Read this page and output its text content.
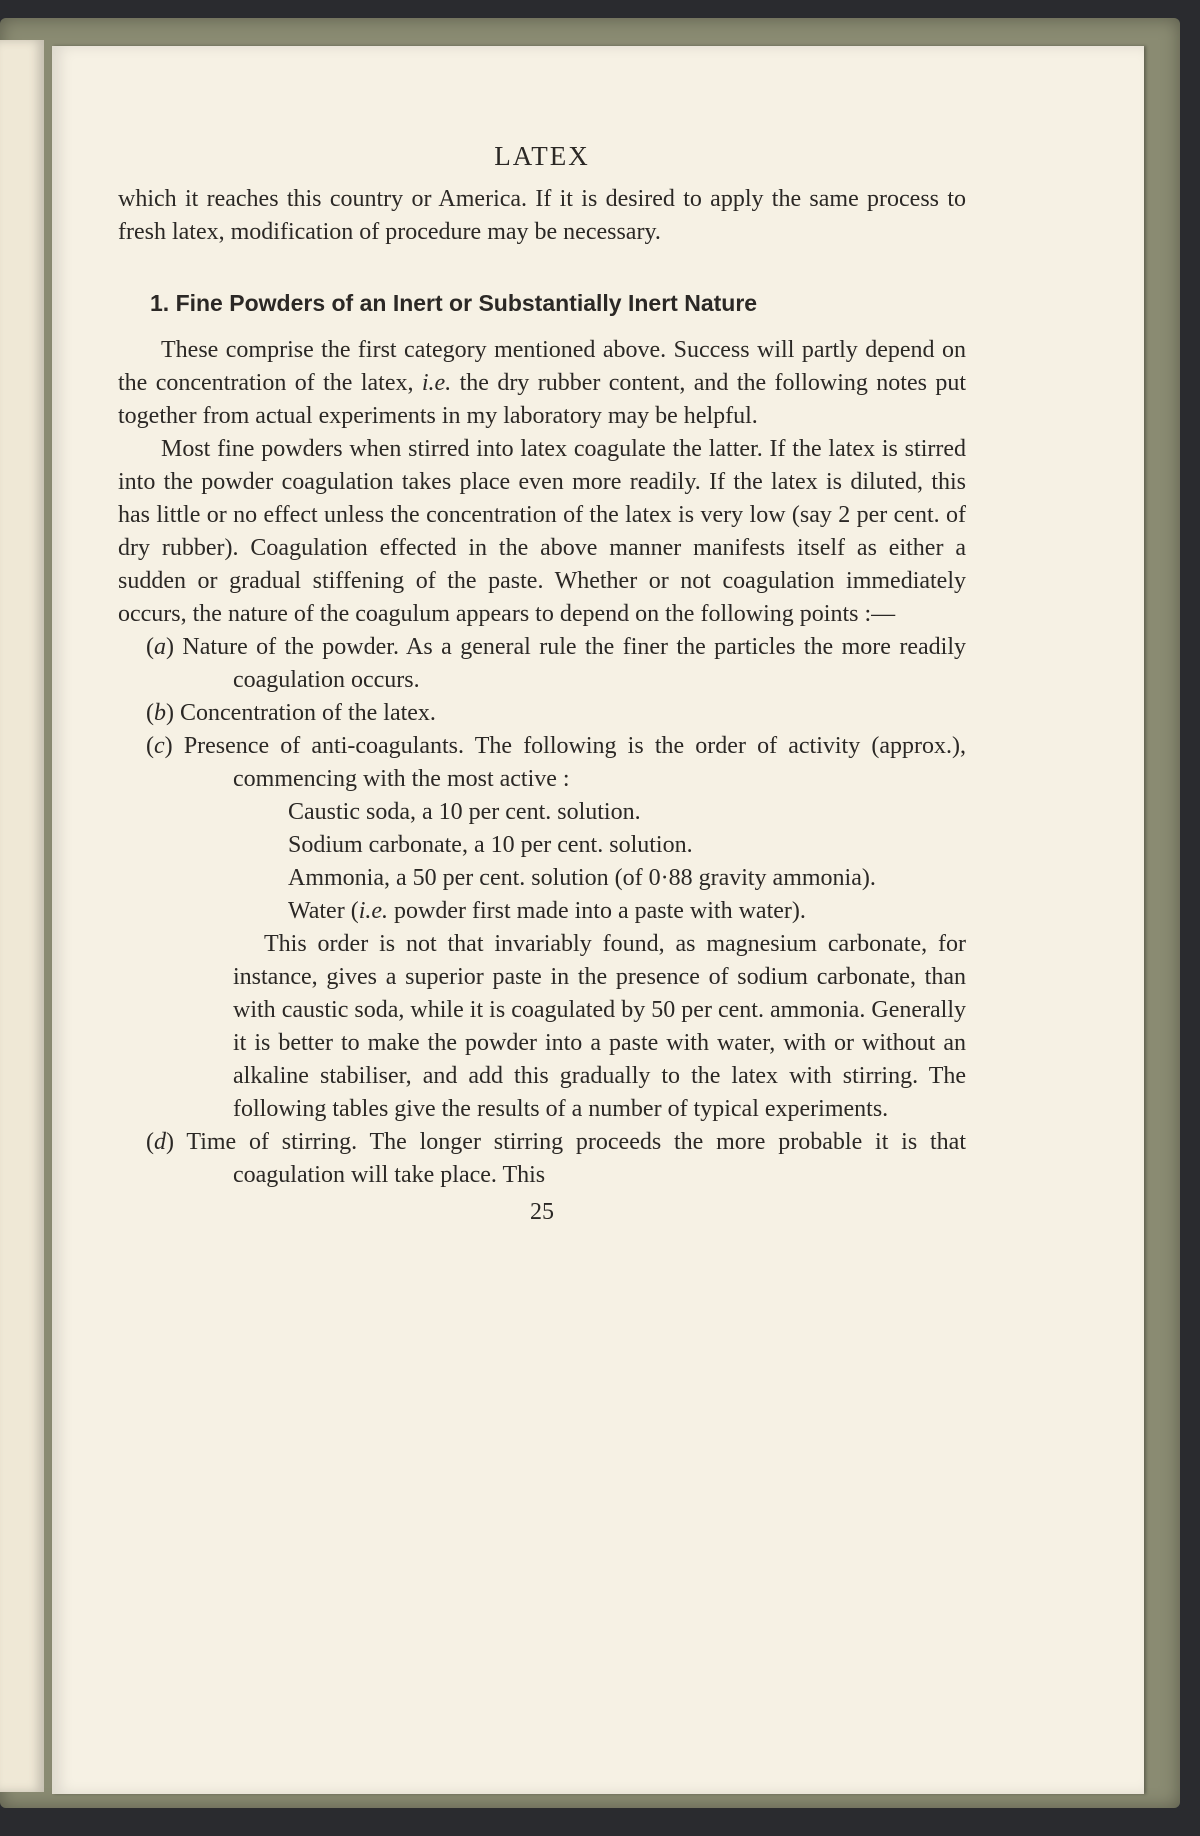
LATEX

which it reaches this country or America. If it is desired to apply the same process to fresh latex, modification of procedure may be necessary.

1. Fine Powders of an Inert or Substantially Inert Nature

These comprise the first category mentioned above. Success will partly depend on the concentration of the latex, i.e. the dry rubber content, and the following notes put together from actual experiments in my laboratory may be helpful.

Most fine powders when stirred into latex coagulate the latter. If the latex is stirred into the powder coagulation takes place even more readily. If the latex is diluted, this has little or no effect unless the concentration of the latex is very low (say 2 per cent. of dry rubber). Coagulation effected in the above manner manifests itself as either a sudden or gradual stiffening of the paste. Whether or not coagulation immediately occurs, the nature of the coagulum appears to depend on the following points :—

(a) Nature of the powder. As a general rule the finer the particles the more readily coagulation occurs.

(b) Concentration of the latex.

(c) Presence of anti-coagulants. The following is the order of activity (approx.), commencing with the most active :

Caustic soda, a 10 per cent. solution.

Sodium carbonate, a 10 per cent. solution.

Ammonia, a 50 per cent. solution (of 0·88 gravity ammonia).

Water (i.e. powder first made into a paste with water).

This order is not that invariably found, as magnesium carbonate, for instance, gives a superior paste in the presence of sodium carbonate, than with caustic soda, while it is coagulated by 50 per cent. ammonia. Generally it is better to make the powder into a paste with water, with or without an alkaline stabiliser, and add this gradually to the latex with stirring. The following tables give the results of a number of typical experiments.

(d) Time of stirring. The longer stirring proceeds the more probable it is that coagulation will take place. This

25
